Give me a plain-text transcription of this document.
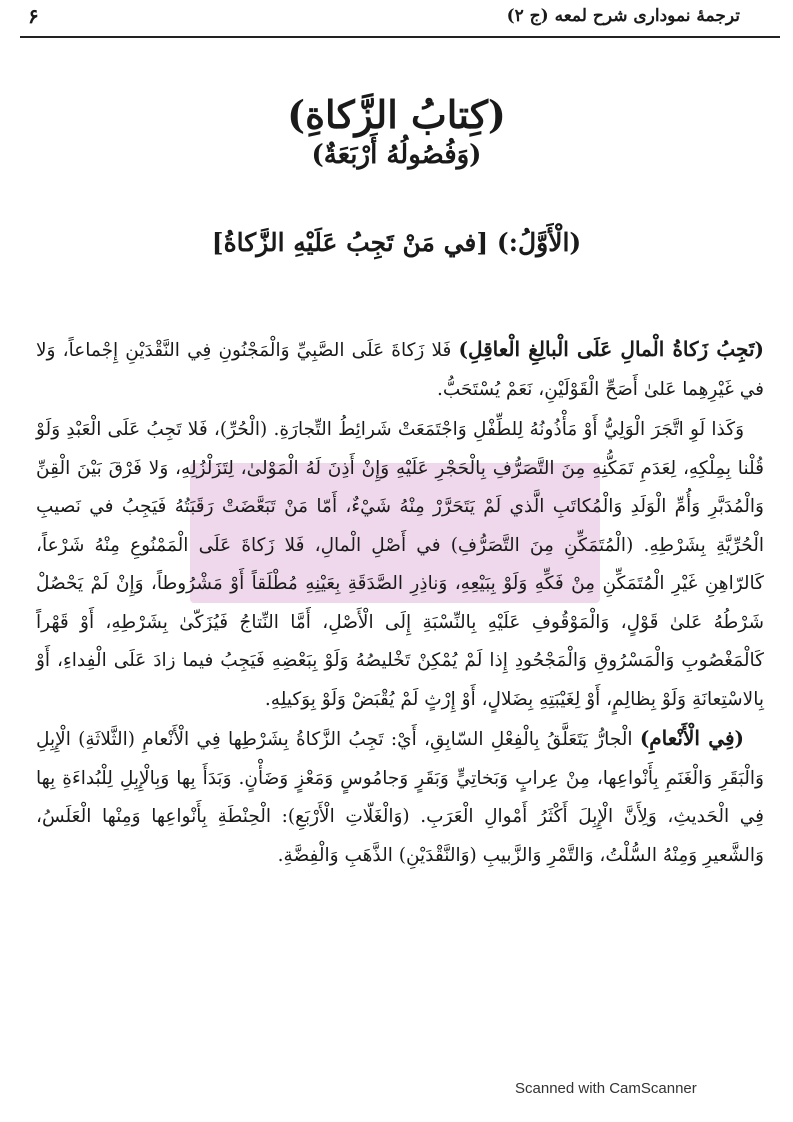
ترجمهٔ نموداری شرح لمعه (ج ۲)
۶
(كِتابُ الزَّكاةِ)
(وَفُصُولُهُ أَرْبَعَةٌ)
(الْأَوَّلُ:) [في مَنْ تَجِبُ عَلَيْهِ الزَّكاةُ]

(تَجِبُ زَكاةُ الْمالِ عَلَى الْبالِغِ الْعاقِلِ) فَلا زَكاةَ عَلَى الصَّبِيِّ وَالْمَجْنُونِ فِي النَّقْدَيْنِ إِجْماعاً، وَلا في غَيْرِهِما عَلىٰ أَصَحِّ الْقَوْلَيْنِ، نَعَمْ يُسْتَحَبُّ.

وَكَذا لَوِ اتَّجَرَ الْوَلِيُّ أَوْ مَأْذُونُهُ لِلطِّفْلِ وَاجْتَمَعَتْ شَرائِطُ التِّجارَةِ. (الْحُرِّ)، فَلا تَجِبُ عَلَى الْعَبْدِ وَلَوْ قُلْنا بِمِلْكِهِ، لِعَدَمِ تَمَكُّنِهِ مِنَ التَّصَرُّفِ بِالْحَجْرِ عَلَيْهِ وَإِنْ أَذِنَ لَهُ الْمَوْلىٰ، لِتَزَلْزُلِهِ، وَلا فَرْقَ بَيْنَ الْقِنِّ وَالْمُدَبَّرِ وَأُمِّ الْوَلَدِ وَالْمُكاتَبِ الَّذي لَمْ يَتَحَرَّرْ مِنْهُ شَيْءٌ، أَمّا مَنْ تَبَعَّضَتْ رَقَبَتُهُ فَيَجِبُ في نَصيبِ الْحُرِّيَّةِ بِشَرْطِهِ. (الْمُتَمَكِّنِ مِنَ التَّصَرُّفِ) في أَصْلِ الْمالِ، فَلا زَكاةَ عَلَى الْمَمْنُوعِ مِنْهُ شَرْعاً، كَالرّاهِنِ غَيْرِ الْمُتَمَكِّنِ مِنْ فَكِّهِ وَلَوْ بِبَيْعِهِ، وَناذِرِ الصَّدَقَةِ بِعَيْنِهِ مُطْلَقاً أَوْ مَشْرُوطاً، وَإِنْ لَمْ يَحْصُلْ شَرْطُهُ عَلىٰ قَوْلٍ، وَالْمَوْقُوفِ عَلَيْهِ بِالنِّسْبَةِ إِلَى الْأَصْلِ، أَمَّا النِّتاجُ فَيُزَكّىٰ بِشَرْطِهِ، أَوْ قَهْراً كَالْمَغْصُوبِ وَالْمَسْرُوقِ وَالْمَجْحُودِ إِذا لَمْ يُمْكِنْ تَخْليصُهُ وَلَوْ بِبَعْضِهِ فَيَجِبُ فيما زادَ عَلَى الْفِداءِ، أَوْ بِالاسْتِعانَةِ وَلَوْ بِظالِمٍ، أَوْ لِغَيْبَتِهِ بِضَلالٍ، أَوْ إِرْثٍ لَمْ يُقْبَضْ وَلَوْ بِوَكيلِهِ.

(فِي الْأَنْعامِ) الْجارُّ يَتَعَلَّقُ بِالْفِعْلِ السّابِقِ، أَيْ: تَجِبُ الزَّكاةُ بِشَرْطِها فِي الْأَنْعامِ (الثَّلاثَةِ) الْإِبِلِ وَالْبَقَرِ وَالْغَنَمِ بِأَنْواعِها، مِنْ عِرابٍ وَبَخاتِيٍّ وَبَقَرٍ وَجامُوسٍ وَمَعْزٍ وَضَأْنٍ. وَبَدَأَ بِها وَبِالْإِبِلِ لِلْبُداءَةِ بِها فِي الْحَديثِ، وَلِأَنَّ الْإِبِلَ أَكْثَرُ أَمْوالِ الْعَرَبِ. (وَالْغَلّاتِ الْأَرْبَعِ): الْحِنْطَةِ بِأَنْواعِها وَمِنْها الْعَلَسُ، وَالشَّعيرِ وَمِنْهُ السُّلْتُ، وَالتَّمْرِ وَالزَّبيبِ (وَالنَّقْدَيْنِ) الذَّهَبِ وَالْفِضَّةِ.

Scanned with CamScanner
